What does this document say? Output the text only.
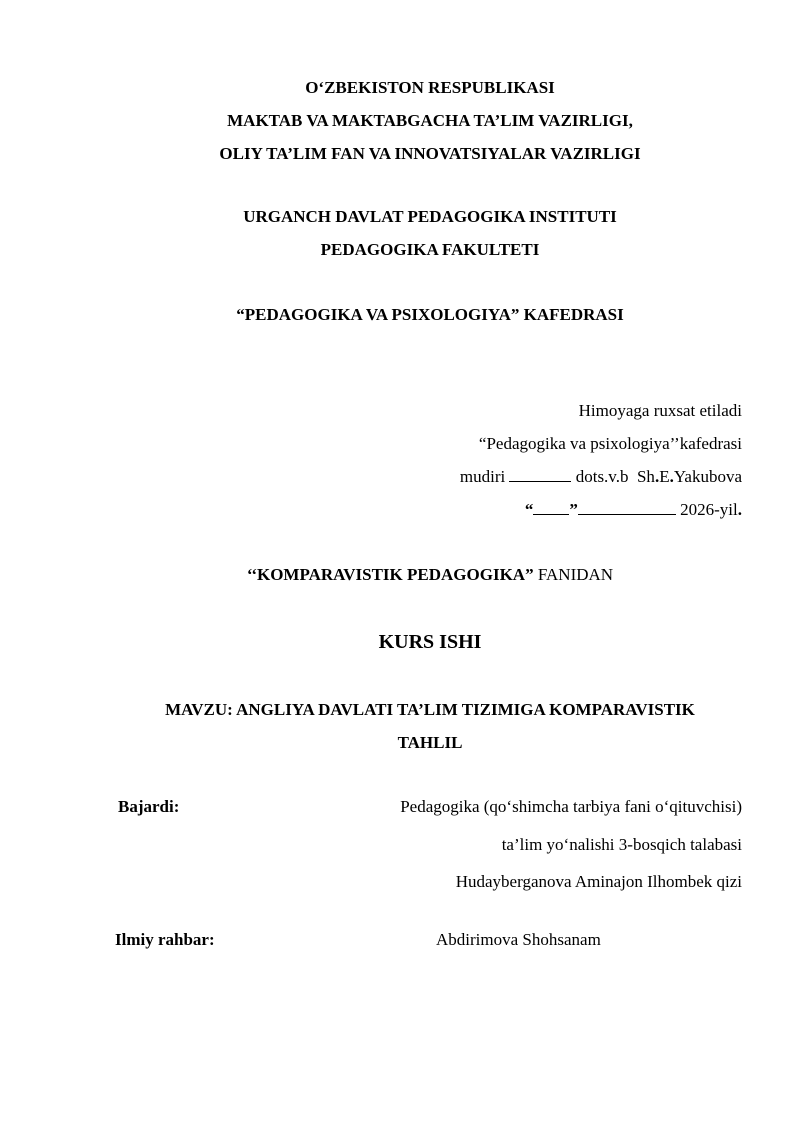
O‘ZBEKISTON RESPUBLIKASI
MAKTAB VA MAKTABGACHA TA’LIM VAZIRLIGI,
OLIY TA’LIM FAN VA INNOVATSIYALAR VAZIRLIGI
URGANCH DAVLAT PEDAGOGIKA INSTITUTI
PEDAGOGIKA FAKULTETI
“PEDAGOGIKA VA PSIXOLOGIYA” KAFEDRASI
Himoyaga ruxsat etiladi
“Pedagogika va psixologiya’’kafedrasi
mudiri	dots.v.b Sh.E.Yakubova
“ ”	2026-yil.
‘‘KOMPARAVISTIK PEDAGOGIKA” FANIDAN
KURS ISHI
MAVZU: ANGLIYA DAVLATI TA’LIM TIZIMIGA KOMPARAVISTIK
TAHLIL
Bajardi:	Pedagogika (qo‘shimcha tarbiya fani o‘qituvchisi)
ta’lim yo‘nalishi 3-bosqich talabasi
Hudayberganova Aminajon Ilhombek qizi
Ilmiy rahbar:	Abdirimova Shohsanam
